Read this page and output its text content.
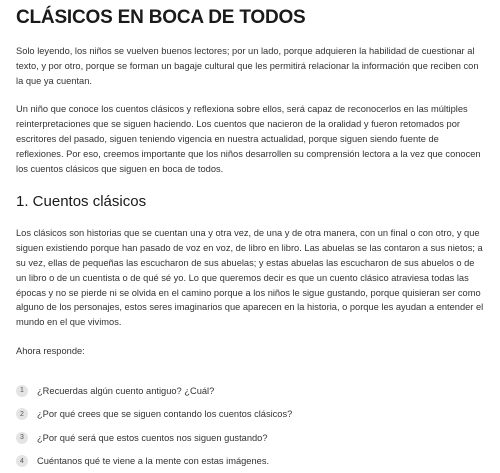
CLÁSICOS EN BOCA DE TODOS

Solo leyendo, los niños se vuelven buenos lectores; por un lado, porque adquieren la habilidad de cuestionar al texto, y por otro, porque se forman un bagaje cultural que les permitirá relacionar la información que reciben con la que ya cuentan.

Un niño que conoce los cuentos clásicos y reflexiona sobre ellos, será capaz de reconocerlos en las múltiples reinterpretaciones que se siguen haciendo. Los cuentos que nacieron de la oralidad y fueron retomados por escritores del pasado, siguen teniendo vigencia en nuestra actualidad, porque siguen siendo fuente de reflexiones. Por eso, creemos importante que los niños desarrollen su comprensión lectora a la vez que conocen los cuentos clásicos que siguen en boca de todos.

1. Cuentos clásicos

Los clásicos son historias que se cuentan una y otra vez, de una y de otra manera, con un final o con otro, y que siguen existiendo porque han pasado de voz en voz, de libro en libro. Las abuelas se las contaron a sus nietos; a su vez, ellas de pequeñas las escucharon de sus abuelas; y estas abuelas las escucharon de sus abuelos o de un libro o de un cuentista o de qué sé yo. Lo que queremos decir es que un cuento clásico atraviesa todas las épocas y no se pierde ni se olvida en el camino porque a los niños le sigue gustando, porque quisieran ser como alguno de los personajes, estos seres imaginarios que aparecen en la historia, o porque les ayudan a entender el mundo en el que vivimos.

Ahora responde:

1	¿Recuerdas algún cuento antiguo? ¿Cuál?
2	¿Por qué crees que se siguen contando los cuentos clásicos?
3	¿Por qué será que estos cuentos nos siguen gustando?
4	Cuéntanos qué te viene a la mente con estas imágenes.
